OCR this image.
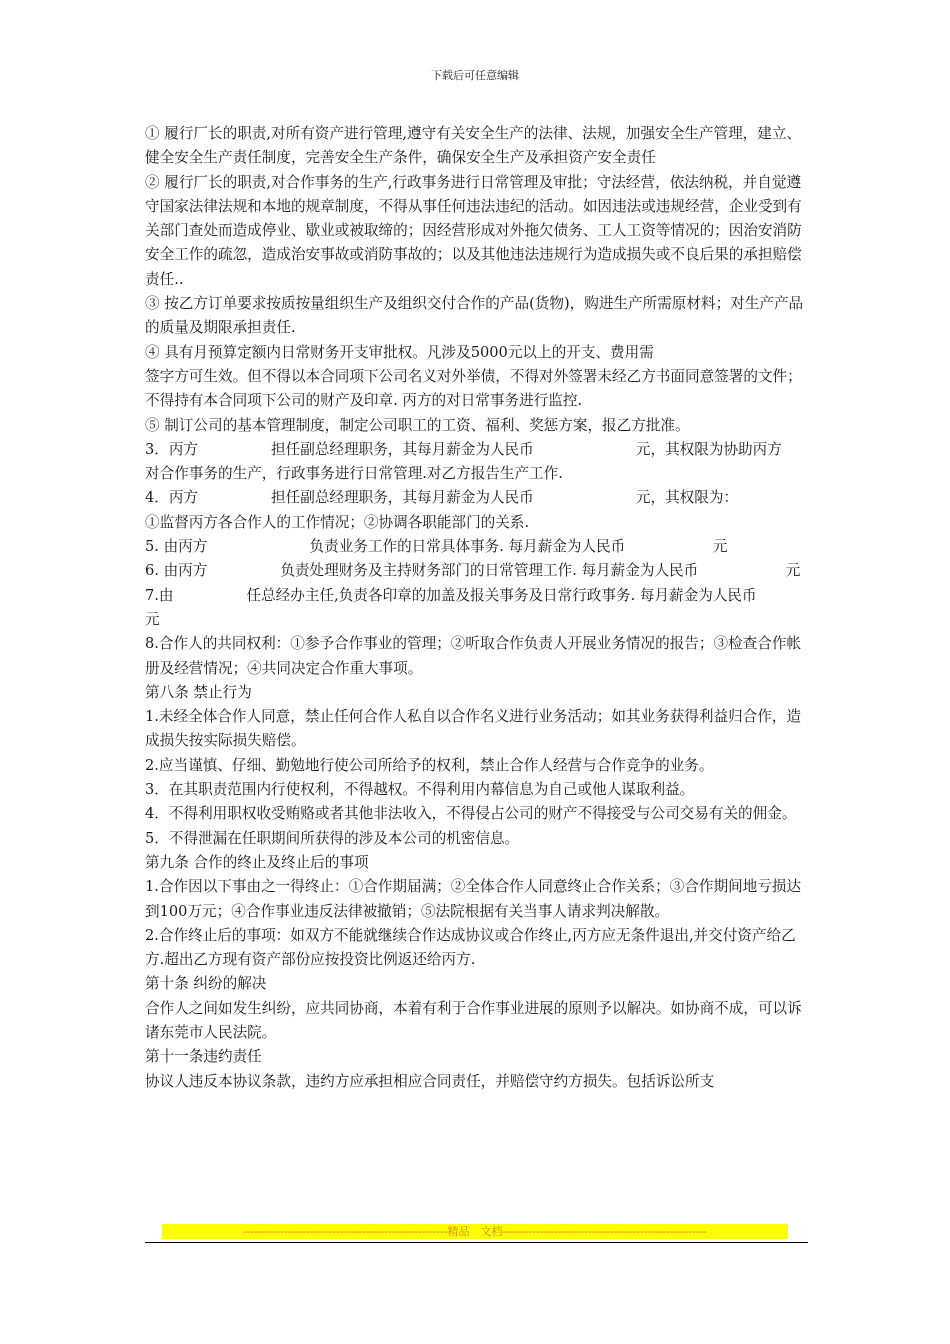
下载后可任意编辑

① 履行厂长的职责,对所有资产进行管理,遵守有关安全生产的法律、法规，加强安全生产管理，建立、健全安全生产责任制度，完善安全生产条件，确保安全生产及承担资产安全责任

② 履行厂长的职责,对合作事务的生产,行政事务进行日常管理及审批；守法经营，依法纳税，并自觉遵守国家法律法规和本地的规章制度，不得从事任何违法违纪的活动。如因违法或违规经营，企业受到有关部门查处而造成停业、歇业或被取缔的；因经营形成对外拖欠债务、工人工资等情况的；因治安消防安全工作的疏忽，造成治安事故或消防事故的；以及其他违法违规行为造成损失或不良后果的承担赔偿责任..

③ 按乙方订单要求按质按量组织生产及组织交付合作的产品(货物)，购进生产所需原材料；对生产产品的质量及期限承担责任.

④ 具有月预算定额内日常财务开支审批权。凡涉及5000元以上的开支、费用需

签字方可生效。但不得以本合同项下公司名义对外举债，不得对外签署未经乙方书面同意签署的文件；不得持有本合同项下公司的财产及印章. 丙方的对日常事务进行监控.

⑤ 制订公司的基本管理制度，制定公司职工的工资、福利、奖惩方案，报乙方批准。

3．丙方　　　　　担任副总经理职务，其每月薪金为人民币　　　　　　　元，其权限为协助丙方　　　　　对合作事务的生产，行政事务进行日常管理.对乙方报告生产工作.

4．丙方　　　　　担任副总经理职务，其每月薪金为人民币　　　　　　　元，其权限为：

①监督丙方各合作人的工作情况；②协调各职能部门的关系.

5. 由丙方　　　　　　　负责业务工作的日常具体事务. 每月薪金为人民币　　　　　　元

6. 由丙方　　　　　负责处理财务及主持财务部门的日常管理工作. 每月薪金为人民币　　　　　　元

7.由　　　　　任总经办主任,负责各印章的加盖及报关事务及日常行政事务. 每月薪金为人民币　　　　　　元

8.合作人的共同权利：①参予合作事业的管理；②听取合作负责人开展业务情况的报告；③检查合作帐册及经营情况；④共同决定合作重大事项。

第八条 禁止行为

1.未经全体合作人同意，禁止任何合作人私自以合作名义进行业务活动；如其业务获得利益归合作，造成损失按实际损失赔偿。

2.应当谨慎、仔细、勤勉地行使公司所给予的权利，禁止合作人经营与合作竞争的业务。

3．在其职责范围内行使权利，不得越权。不得利用内幕信息为自己或他人谋取利益。

4．不得利用职权收受贿赂或者其他非法收入，不得侵占公司的财产不得接受与公司交易有关的佣金。

5．不得泄漏在任职期间所获得的涉及本公司的机密信息。

第九条 合作的终止及终止后的事项

1.合作因以下事由之一得终止：①合作期届满；②全体合作人同意终止合作关系；③合作期间地亏损达到100万元；④合作事业违反法律被撤销；⑤法院根据有关当事人请求判决解散。

2.合作终止后的事项：如双方不能就继续合作达成协议或合作终止,丙方应无条件退出,并交付资产给乙方.超出乙方现有资产部份应按投资比例返还给丙方.

第十条 纠纷的解决

合作人之间如发生纠纷，应共同协商，本着有利于合作事业进展的原则予以解决。如协商不成，可以诉诸东莞市人民法院。

第十一条违约责任

协议人违反本协议条款，违约方应承担相应合同责任，并赔偿守约方损失。包括诉讼所支

-------------------------------------------------------精品　文档-------------------------------------------------------
